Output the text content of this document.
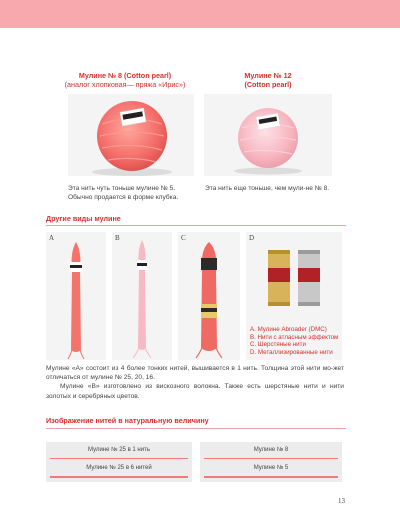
Мулине № 8 (Cotton pearl)
(аналог хлопковая— пряжа «Ирис»)
Эта нить чуть тоньше мулине № 5. Обычно продается в форме клубка.
Мулине № 12
(Cotton pearl)
Эта нить еще тоньше, чем мули-не № 8.
Другие виды мулине
A	B	C	D
A. Мулине Abroader (DMC)
B. Нити с атласным эффектом
C. Шерстяные нити
D. Металлизированные нити

Мулине «A» состоит из 4 более тонких нитей, вышивается в 1 нить. Толщина этой нити мо-жет отличаться от мулине № 25, 20, 16.

Мулине «B» изготовлено из вискозного волокна. Также есть шерстяные нити и нити золотых и серебряных цветов.

Изображение нитей в натуральную величину
Мулине № 25 в 1 нить
Мулине № 25 в 6 нитей
Мулине № 8
Мулине № 5
13
